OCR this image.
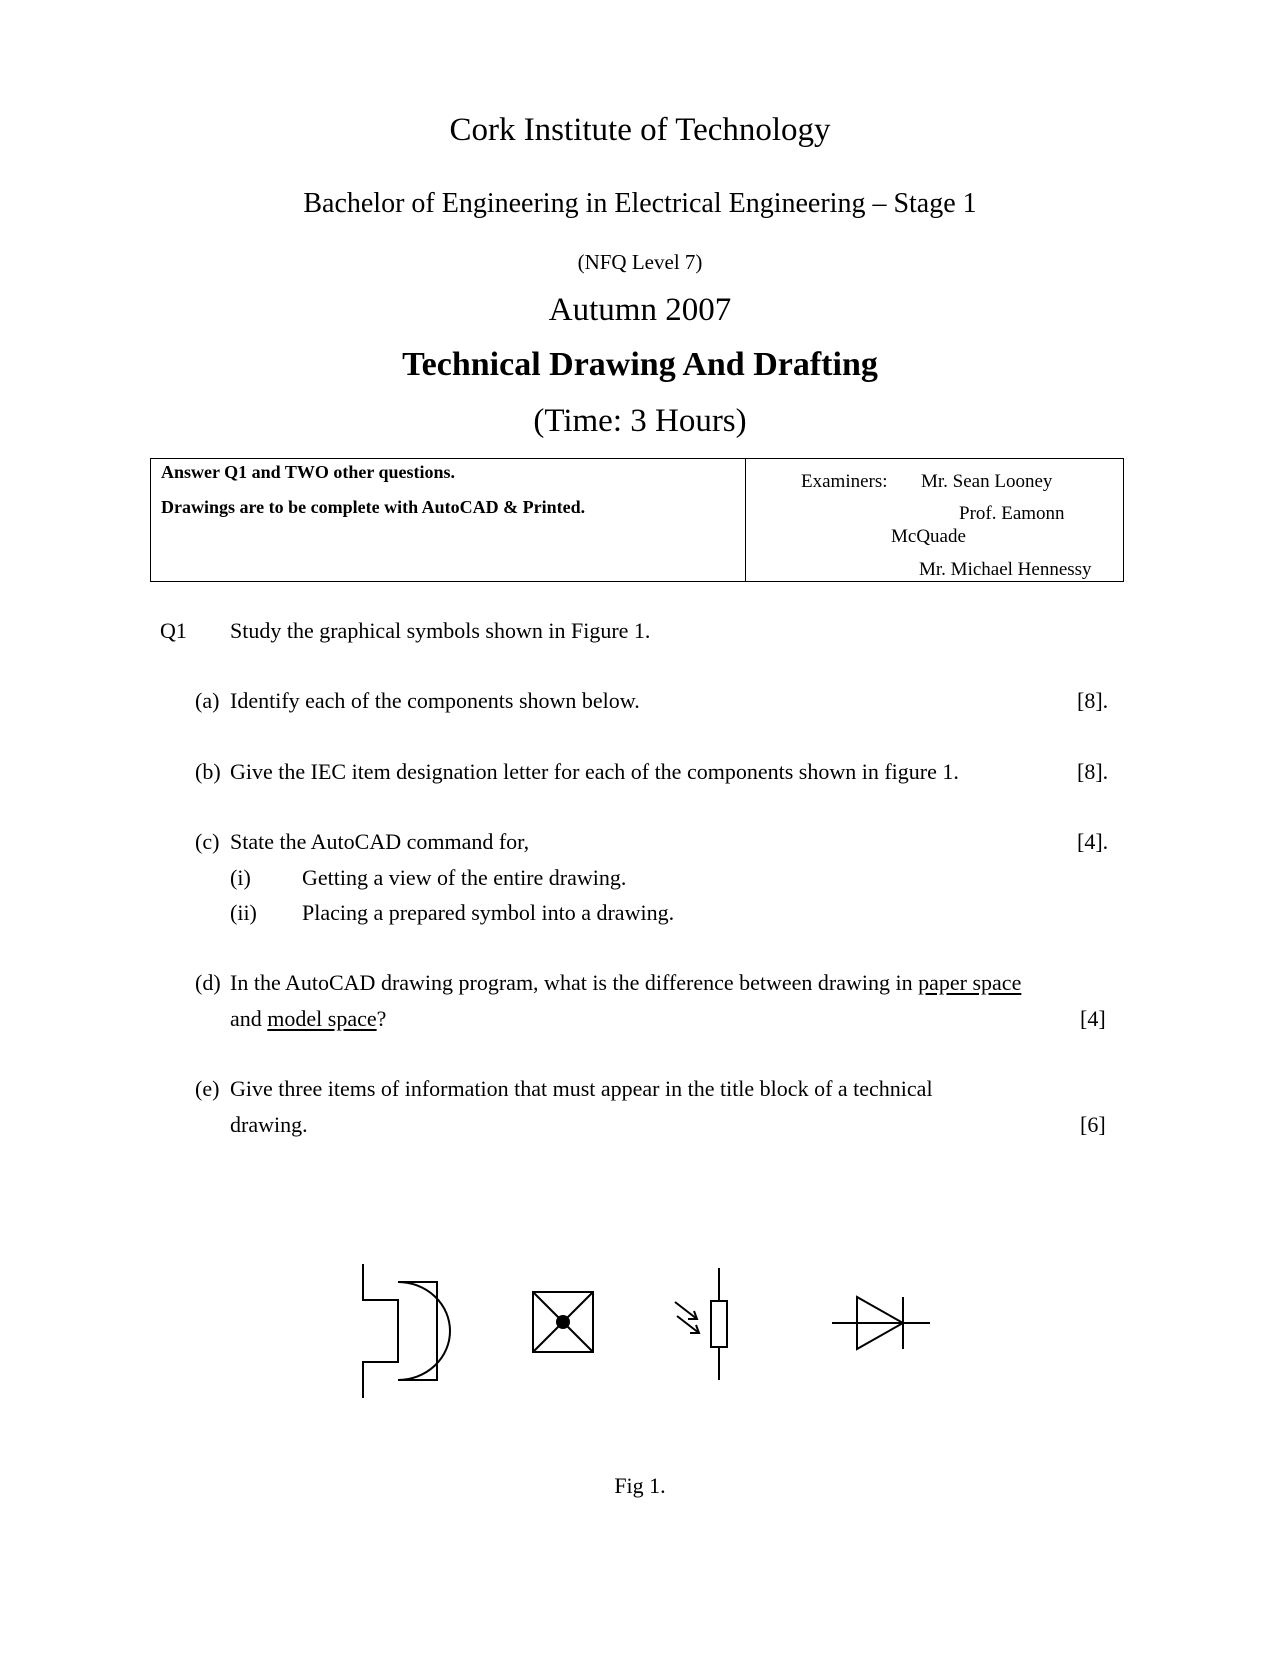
Cork Institute of Technology
Bachelor of Engineering in Electrical Engineering – Stage 1
(NFQ Level 7)
Autumn 2007
Technical Drawing And Drafting
(Time: 3 Hours)
Answer Q1 and TWO other questions.
Drawings are to be complete with AutoCAD & Printed.
Examiners: Mr. Sean Looney
Prof. Eamonn
McQuade
Mr. Michael Hennessy
Q1 Study the graphical symbols shown in Figure 1.
(a) Identify each of the components shown below.	[8].
(b) Give the IEC item designation letter for each of the components shown in figure 1.	[8].
(c) State the AutoCAD command for,	[4].
(i) Getting a view of the entire drawing.
(ii) Placing a prepared symbol into a drawing.
(d) In the AutoCAD drawing program, what is the difference between drawing in paper space
and model space?	[4]
(e) Give three items of information that must appear in the title block of a technical
drawing.	[6]
Fig 1.
